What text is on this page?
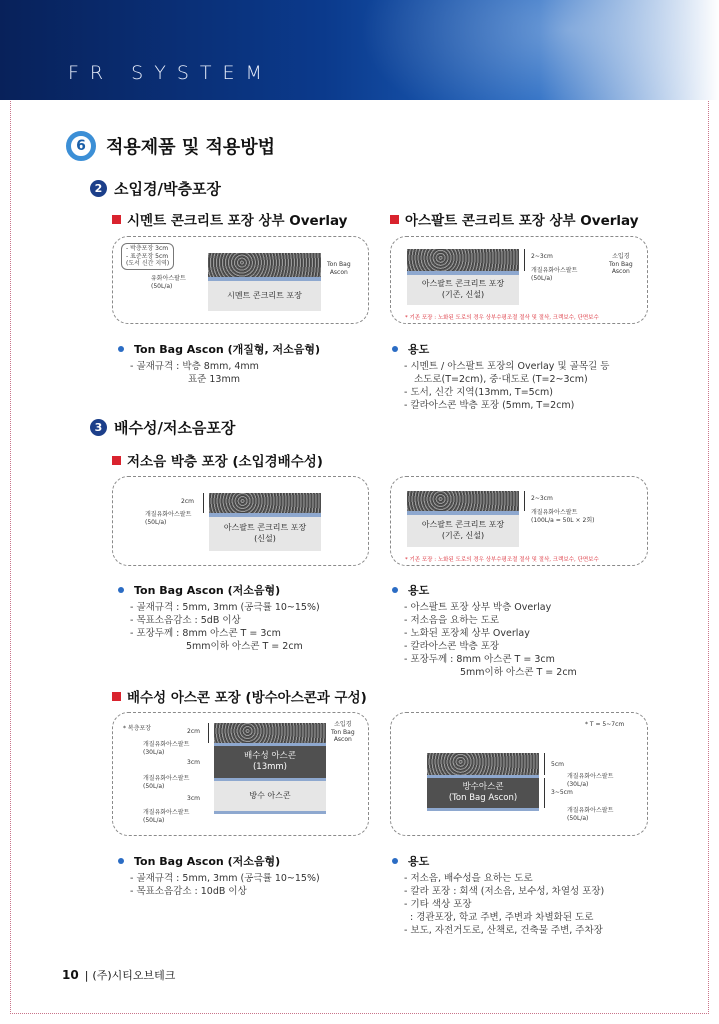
FR SYSTEM
6	적용제품 및 적용방법
2 소입경/박층포장
시멘트 콘크리트 포장 상부 Overlay
- 박층포장 3cm
- 표준포장 5cm
(도서 신간 지역)
시멘트 콘크리트 포장
유화아스팔트
(50L/a)
Ton Bag
Ascon
Ton Bag Ascon (개질형, 저소음형)
- 골재규격 : 박층 8mm, 4mm
표준 13mm
아스팔트 콘크리트 포장 상부 Overlay
아스팔트 콘크리트 포장
(기존, 신설)
2~3cm
개질유화아스팔트
(50L/a)
소입경
Ton Bag
Ascon
* 기존 포장 : 노화된 도로의 경우 상부수평조절 절삭 및 절삭, 크랙보수, 단면보수
용도
- 시멘트 / 아스팔트 포장의 Overlay 및 골목길 등
소도로(T=2cm), 중·대도로 (T=2~3cm)
- 도서, 신간 지역(13mm, T=5cm)
- 칼라아스콘 박층 포장 (5mm, T=2cm)
3 배수성/저소음포장
저소음 박층 포장 (소입경배수성)
아스팔트 콘크리트 포장
(신설)
2cm
개질유화아스팔트
(50L/a)
Ton Bag Ascon (저소음형)
- 골재규격 : 5mm, 3mm (공극률 10~15%)
- 목표소음감소 : 5dB 이상
- 포장두께 : 8mm 아스콘 T = 3cm
5mm이하 아스콘 T = 2cm
아스팔트 콘크리트 포장
(기존, 신설)
2~3cm
개질유화아스팔트
(100L/a = 50L × 2회)
* 기존 포장 : 노화된 도로의 경우 상부수평조절 절삭 및 절삭, 크랙보수, 단면보수
용도
- 아스팔트 포장 상부 박층 Overlay
- 저소음을 요하는 도로
- 노화된 포장체 상부 Overlay
- 칼라아스콘 박층 포장
- 포장두께 : 8mm 아스콘 T = 3cm
5mm이하 아스콘 T = 2cm
배수성 아스콘 포장 (방수아스콘과 구성)
* 복층포장
배수성 아스콘
(13mm)
방수 아스콘
2cm
개질유화아스팔트
(30L/a)
3cm
개질유화아스팔트
(50L/a)
3cm
개질유화아스팔트
(50L/a)
소입경
Ton Bag
Ascon
Ton Bag Ascon (저소음형)
- 골재규격 : 5mm, 3mm (공극률 10~15%)
- 목표소음감소 : 10dB 이상
* T = 5~7cm
방수아스콘
(Ton Bag Ascon)
5cm
3~5cm
개질유화아스팔트
(30L/a)
개질유화아스팔트
(50L/a)
용도
- 저소음, 배수성을 요하는 도로
- 칼라 포장 : 회색 (저소음, 보수성, 차열성 포장)
- 기타 색상 포장
: 경관포장, 학교 주변, 주변과 차별화된 도로
- 보도, 자전거도로, 산책로, 건축물 주변, 주차장
10 | (주)시티오브테크
